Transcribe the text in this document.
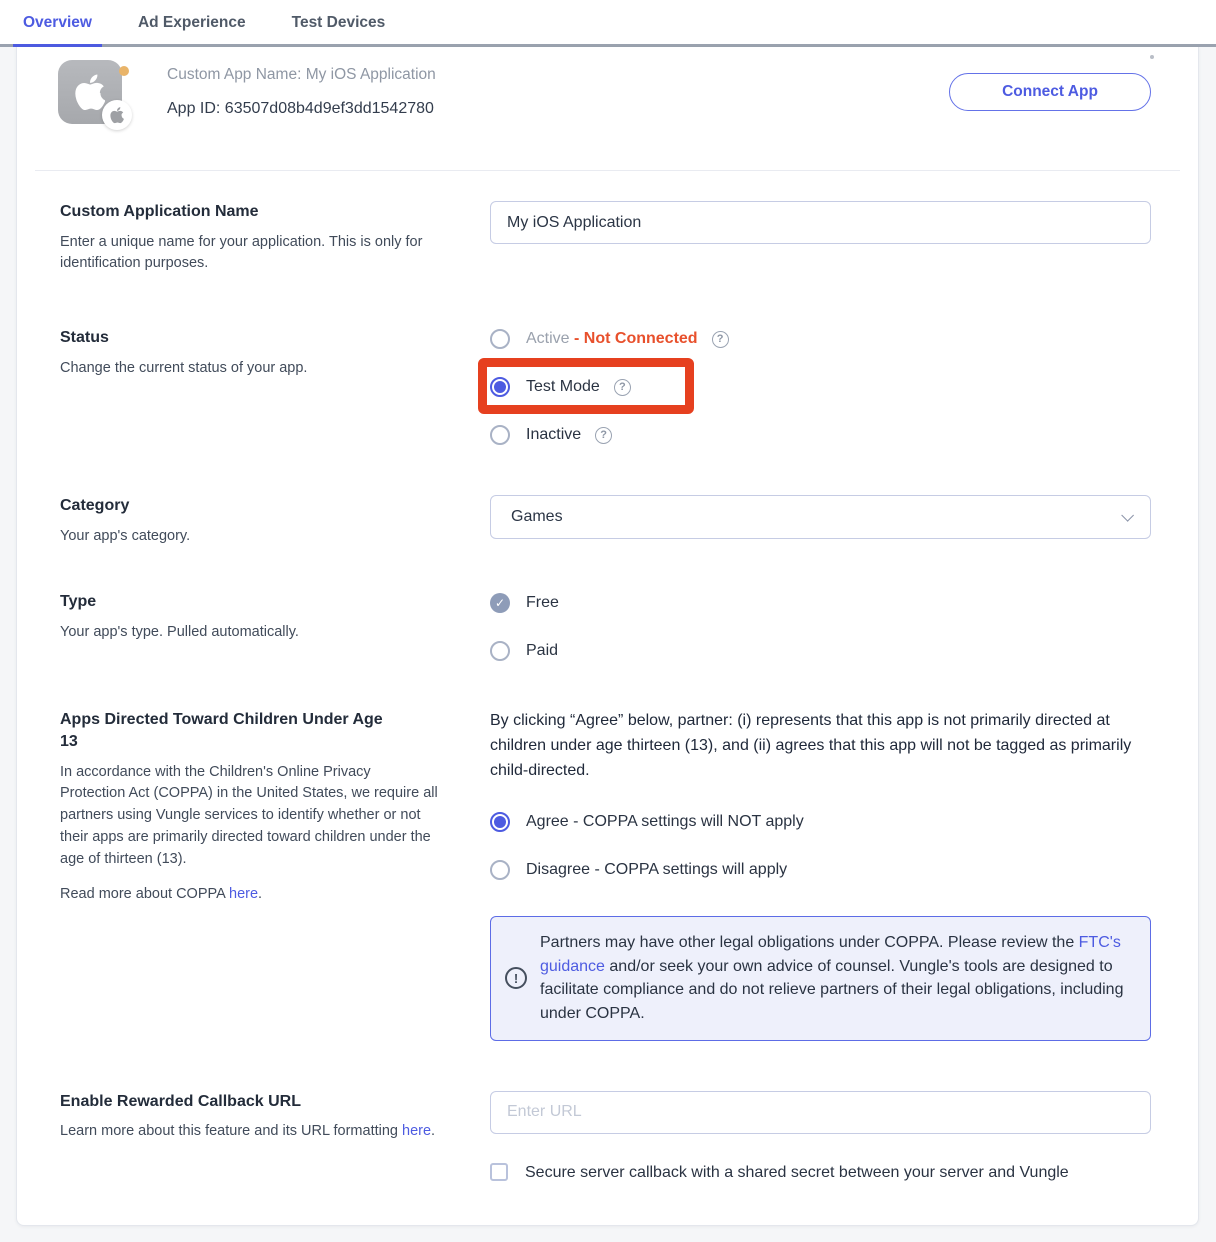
Overview	Ad Experience	Test Devices
Custom App Name: My iOS Application
App ID: 63507d08b4d9ef3dd1542780
Connect App
Custom Application Name

Enter a unique name for your application. This is only for identification purposes.

My iOS Application
Status

Change the current status of your app.

Active - Not Connected	?
Test Mode	?
Inactive	?
Category

Your app's category.

Games
Type

Your app's type. Pulled automatically.

✓	Free
Paid
Apps Directed Toward Children Under Age 13

In accordance with the Children's Online Privacy Protection Act (COPPA) in the United States, we require all partners using Vungle services to identify whether or not their apps are primarily directed toward children under the age of thirteen (13).

Read more about COPPA here.

By clicking “Agree” below, partner: (i) represents that this app is not primarily directed at children under age thirteen (13), and (ii) agrees that this app will not be tagged as primarily child-directed.

Agree - COPPA settings will NOT apply
Disagree - COPPA settings will apply
!
Partners may have other legal obligations under COPPA. Please review the FTC's guidance and/or seek your own advice of counsel. Vungle's tools are designed to facilitate compliance and do not relieve partners of their legal obligations, including under COPPA.
Enable Rewarded Callback URL

Learn more about this feature and its URL formatting here.

Enter URL
Secure server callback with a shared secret between your server and Vungle
